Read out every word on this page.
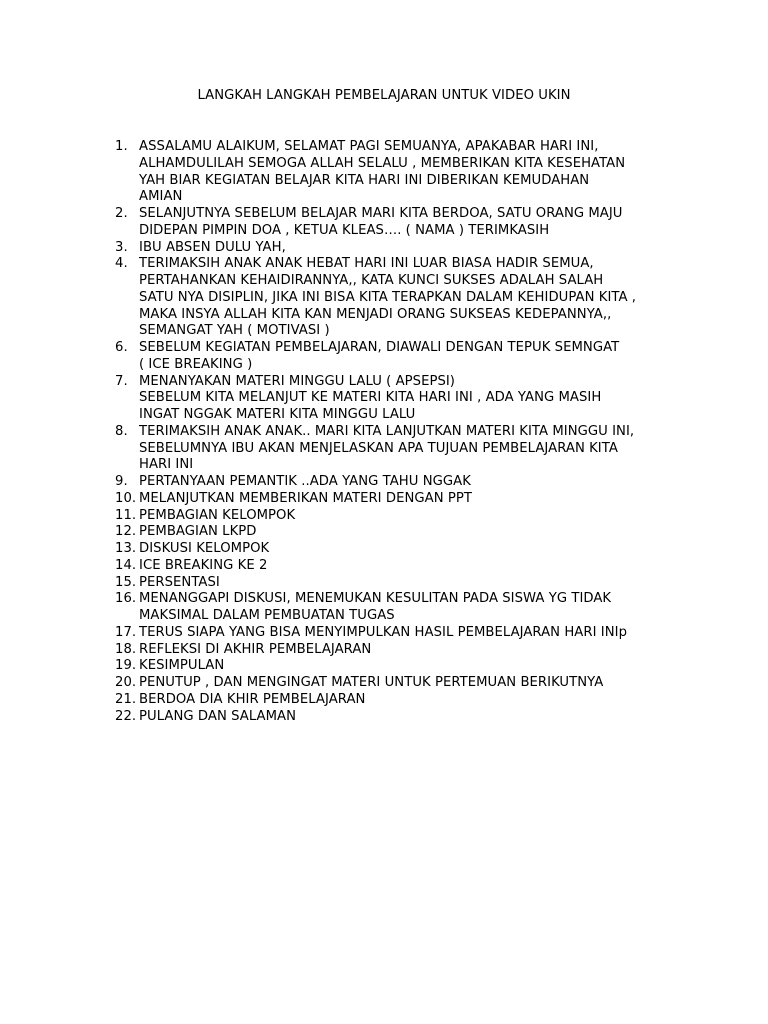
LANGKAH LANGKAH PEMBELAJARAN UNTUK VIDEO UKIN
1. ASSALAMU ALAIKUM, SELAMAT PAGI SEMUANYA, APAKABAR HARI INI,
ALHAMDULILAH SEMOGA ALLAH SELALU , MEMBERIKAN KITA KESEHATAN
YAH BIAR KEGIATAN BELAJAR KITA HARI INI DIBERIKAN KEMUDAHAN
AMIAN
2. SELANJUTNYA SEBELUM BELAJAR MARI KITA BERDOA, SATU ORANG MAJU
DIDEPAN PIMPIN DOA , KETUA KLEAS…. ( NAMA ) TERIMKASIH
3. IBU ABSEN DULU YAH,
4. TERIMAKSIH ANAK ANAK HEBAT HARI INI LUAR BIASA HADIR SEMUA,
PERTAHANKAN KEHAIDIRANNYA,, KATA KUNCI SUKSES ADALAH SALAH
SATU NYA DISIPLIN, JIKA INI BISA KITA TERAPKAN DALAM KEHIDUPAN KITA ,
MAKA INSYA ALLAH KITA KAN MENJADI ORANG SUKSEAS KEDEPANNYA,,
SEMANGAT YAH ( MOTIVASI )
6. SEBELUM KEGIATAN PEMBELAJARAN, DIAWALI DENGAN TEPUK SEMNGAT
( ICE BREAKING )
7. MENANYAKAN MATERI MINGGU LALU ( APSEPSI)
SEBELUM KITA MELANJUT KE MATERI KITA HARI INI , ADA YANG MASIH
INGAT NGGAK MATERI KITA MINGGU LALU
8. TERIMAKSIH ANAK ANAK.. MARI KITA LANJUTKAN MATERI KITA MINGGU INI,
SEBELUMNYA IBU AKAN MENJELASKAN APA TUJUAN PEMBELAJARAN KITA
HARI INI
9. PERTANYAAN PEMANTIK ..ADA YANG TAHU NGGAK
10. MELANJUTKAN MEMBERIKAN MATERI DENGAN PPT
11. PEMBAGIAN KELOMPOK
12. PEMBAGIAN LKPD
13. DISKUSI KELOMPOK
14. ICE BREAKING KE 2
15. PERSENTASI
16. MENANGGAPI DISKUSI, MENEMUKAN KESULITAN PADA SISWA YG TIDAK
MAKSIMAL DALAM PEMBUATAN TUGAS
17. TERUS SIAPA YANG BISA MENYIMPULKAN HASIL PEMBELAJARAN HARI INIp
18. REFLEKSI DI AKHIR PEMBELAJARAN
19. KESIMPULAN
20. PENUTUP , DAN MENGINGAT MATERI UNTUK PERTEMUAN BERIKUTNYA
21. BERDOA DIA KHIR PEMBELAJARAN
22. PULANG DAN SALAMAN
